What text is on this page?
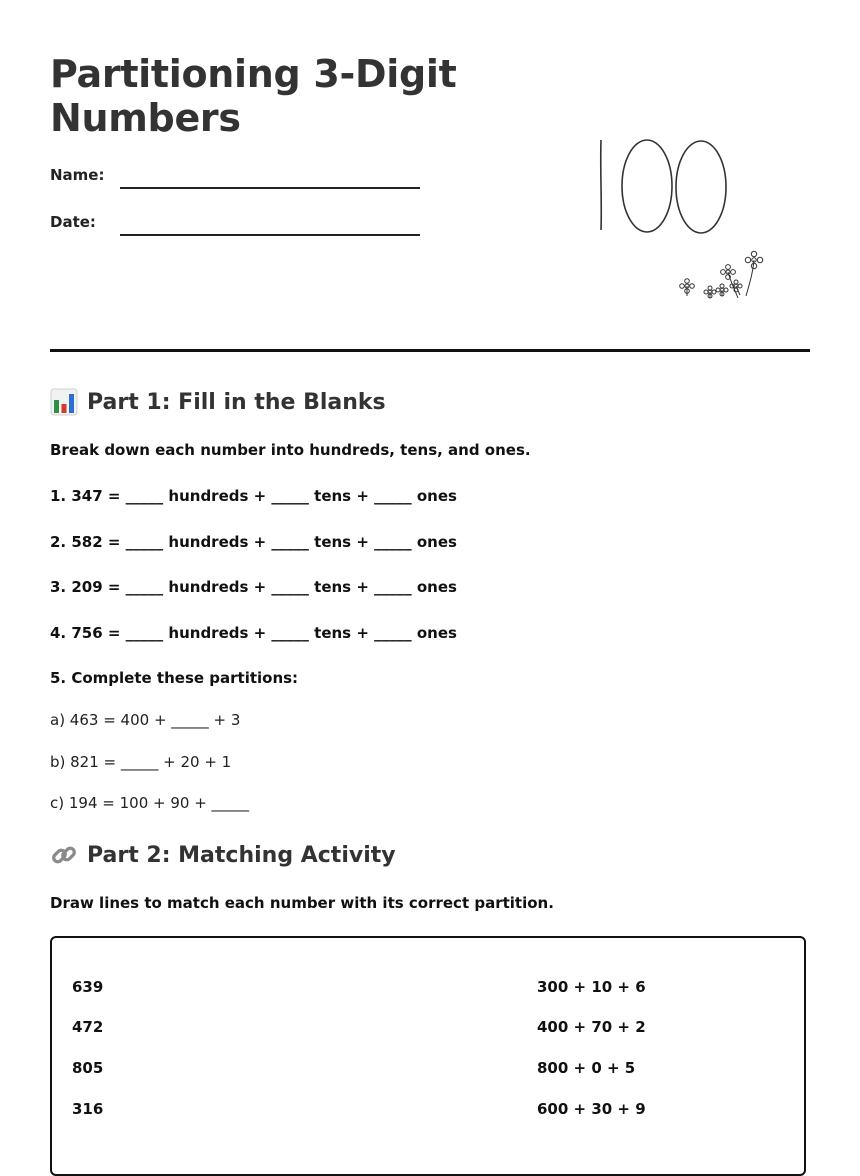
Partitioning 3-Digit
Numbers
Name:
Date:
Part 1: Fill in the Blanks
Break down each number into hundreds, tens, and ones.
1. 347 = _____ hundreds + _____ tens + _____ ones
2. 582 = _____ hundreds + _____ tens + _____ ones
3. 209 = _____ hundreds + _____ tens + _____ ones
4. 756 = _____ hundreds + _____ tens + _____ ones
5. Complete these partitions:
a) 463 = 400 + _____ + 3
b) 821 = _____ + 20 + 1
c) 194 = 100 + 90 + _____
Part 2: Matching Activity
Draw lines to match each number with its correct partition.
639
472
805
316
300 + 10 + 6
400 + 70 + 2
800 + 0 + 5
600 + 30 + 9
